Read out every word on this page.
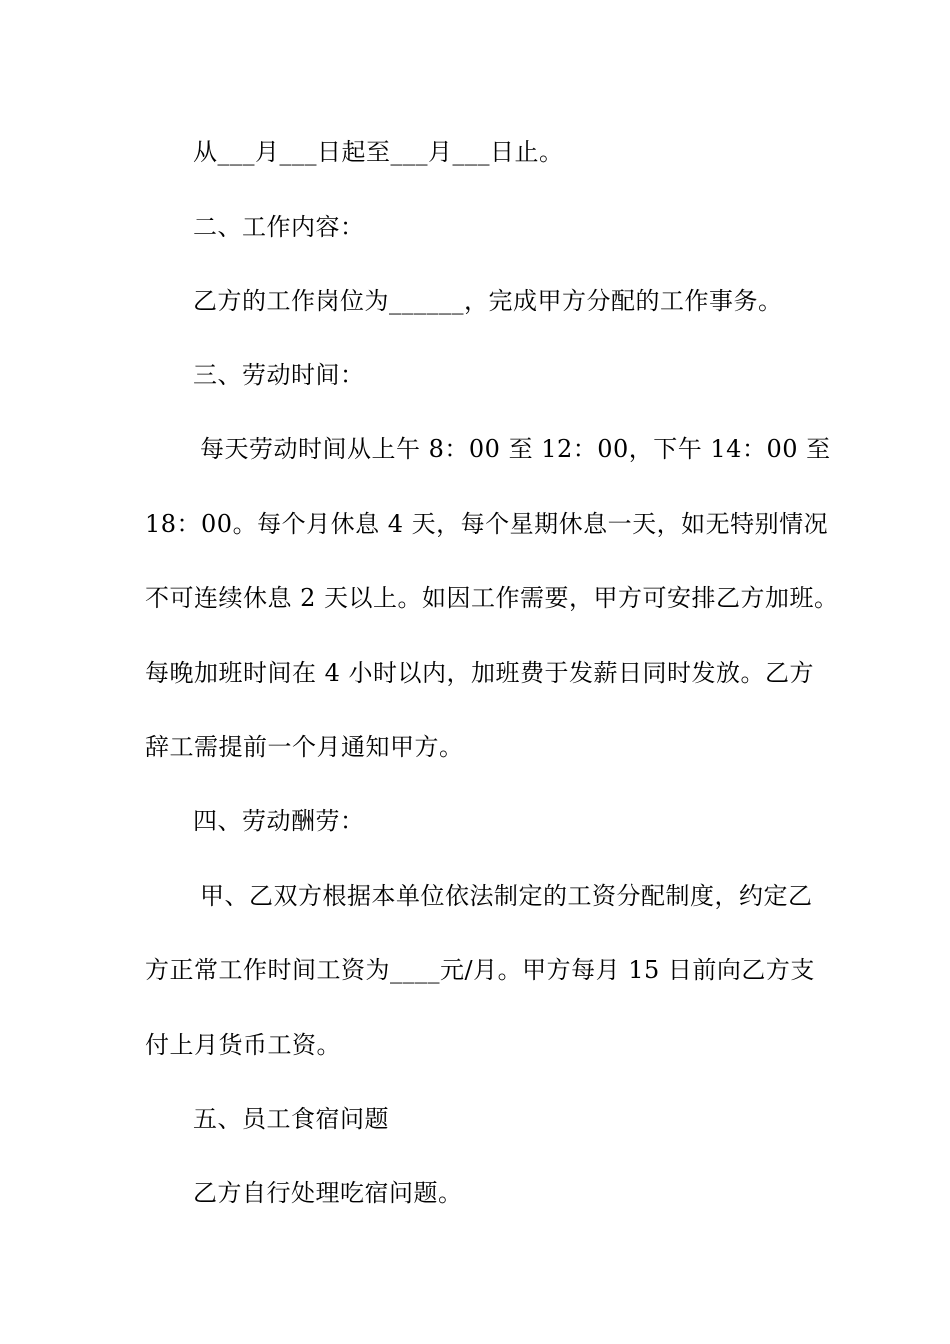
从___月___日起至___月___日止。
二、工作内容：
乙方的工作岗位为______，完成甲方分配的工作事务。
三、劳动时间：
每天劳动时间从上午 8：00 至 12：00，下午 14：00 至
18：00。每个月休息 4 天，每个星期休息一天，如无特别情况
不可连续休息 2 天以上。如因工作需要，甲方可安排乙方加班。
每晚加班时间在 4 小时以内，加班费于发薪日同时发放。乙方
辞工需提前一个月通知甲方。
四、劳动酬劳：
甲、乙双方根据本单位依法制定的工资分配制度，约定乙
方正常工作时间工资为____元/月。甲方每月 15 日前向乙方支
付上月货币工资。
五、员工食宿问题
乙方自行处理吃宿问题。
